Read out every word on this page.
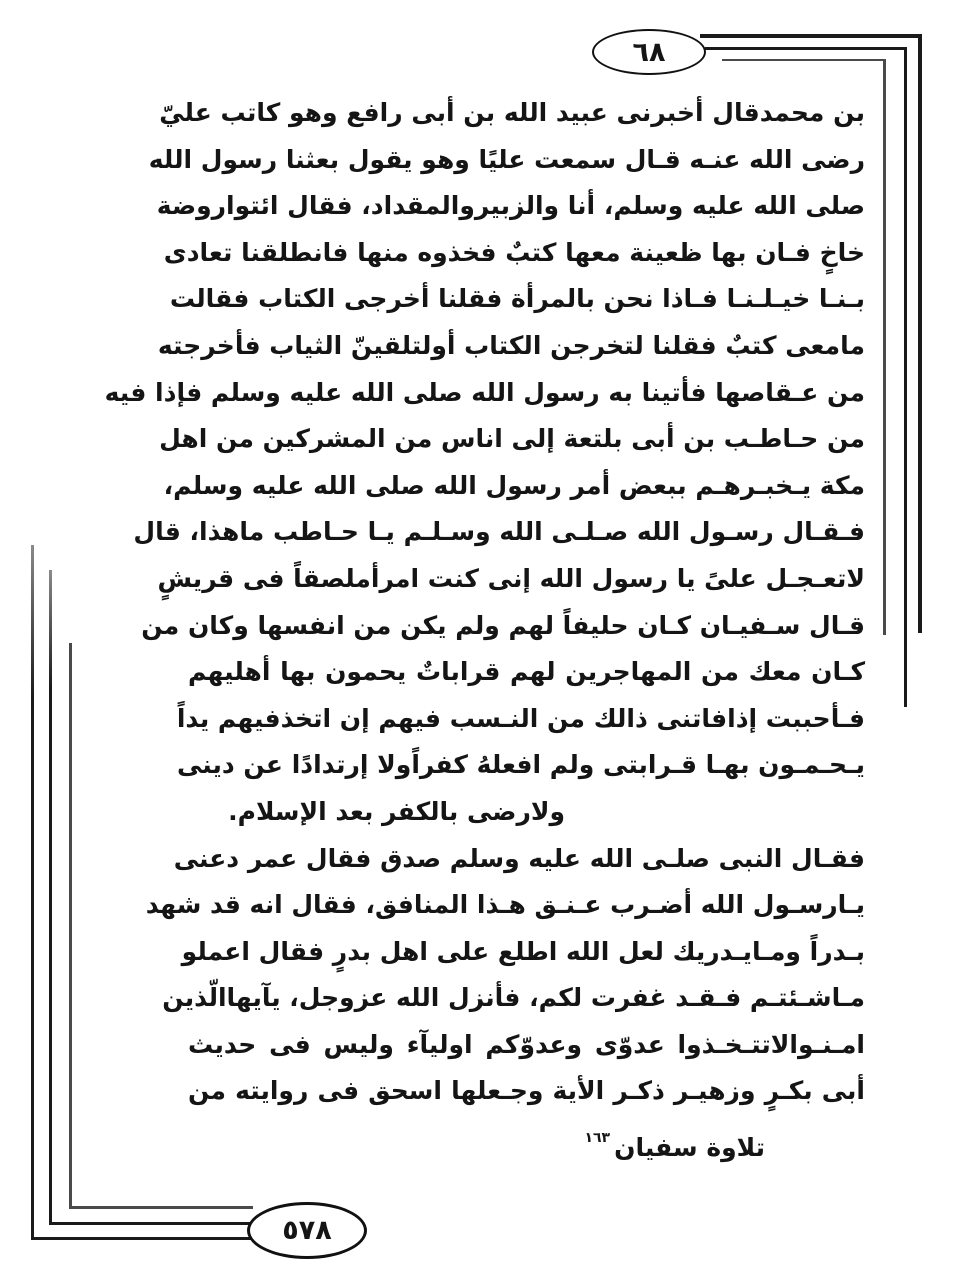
٦٨
٥٧٨
بن محمدقال أخبرنى عبيد الله بن أبى رافع وهو كاتب عليّ
رضى الله عنـه قـال سمعت عليًا وهو يقول بعثنا رسول الله
صلى الله عليه وسلم، أنا والزبيروالمقداد، فقال ائتواروضة
خاخٍ فـان بها ظعينة معها كتبٌ فخذوه منها فانطلقنا تعادى
بـنـا خيـلـنـا فـاذا نحن بالمرأة فقلنا أخرجى الكتاب فقالت
مامعى كتبٌ فقلنا لتخرجن الكتاب أولتلقينّ الثياب فأخرجته
من عـقاصها فأتينا به رسول الله صلى الله عليه وسلم فإذا فيه
من حـاطـب بن أبى بلتعة إلى اناس من المشركين من اهل
مكة يـخبـرهـم ببعض أمر رسول الله صلى الله عليه وسلم،
فـقـال رسـول الله صـلـى الله وسـلـم يـا حـاطب ماهذا، قال
لاتعـجـل علىً يا رسول الله إنى كنت امرأملصقاً فى قريشٍ
قـال سـفيـان كـان حليفاً لهم ولم يكن من انفسها وكان من
كـان معك من المهاجرين لهم قراباتٌ يحمون بها أهليهم
فـأحببت إذافاتنى ذالك من النـسب فيهم إن اتخذفيهم يداً
يـحـمـون بهـا قـرابتى ولم افعلهُ كفراًولا إرتدادًا عن دينى
ولارضى بالكفر بعد الإسلام.
فقـال النبى صلـى الله عليه وسلم صدق فقال عمر دعنى
يـارسـول الله أضـرب عـنـق هـذا المنافق، فقال انه قد شهد
بـدراً ومـايـدريك لعل الله اطلع على اهل بدرٍ فقال اعملو
مـاشـئتـم فـقـد غفرت لكم، فأنزل الله عزوجل، يآيهاالّذين
امـنـوالاتتـخـذوا عدوّى وعدوّكم اوليآء وليس فى حديث
أبى بكـرٍ وزهيـر ذكـر الأية وجـعلها اسحق فى روايته من
تلاوة سفيان$^{١٦٣}$
